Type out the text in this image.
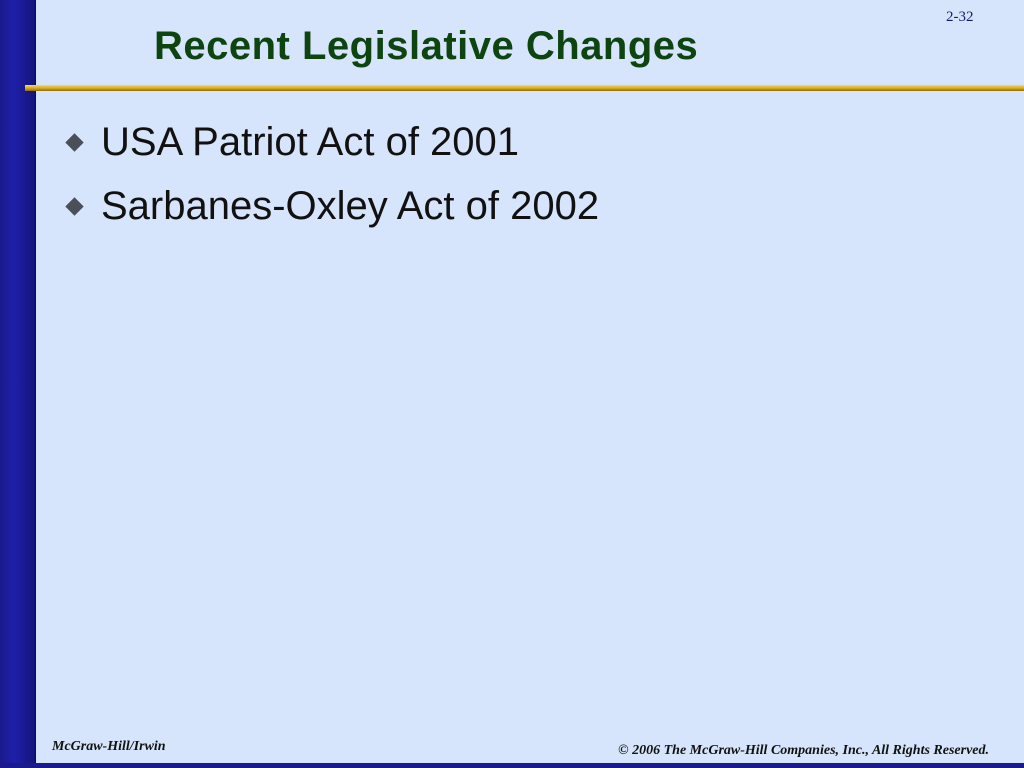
2-32
Recent Legislative Changes
USA Patriot Act of 2001
Sarbanes-Oxley Act of 2002
McGraw-Hill/Irwin	© 2006 The McGraw-Hill Companies, Inc., All Rights Reserved.
